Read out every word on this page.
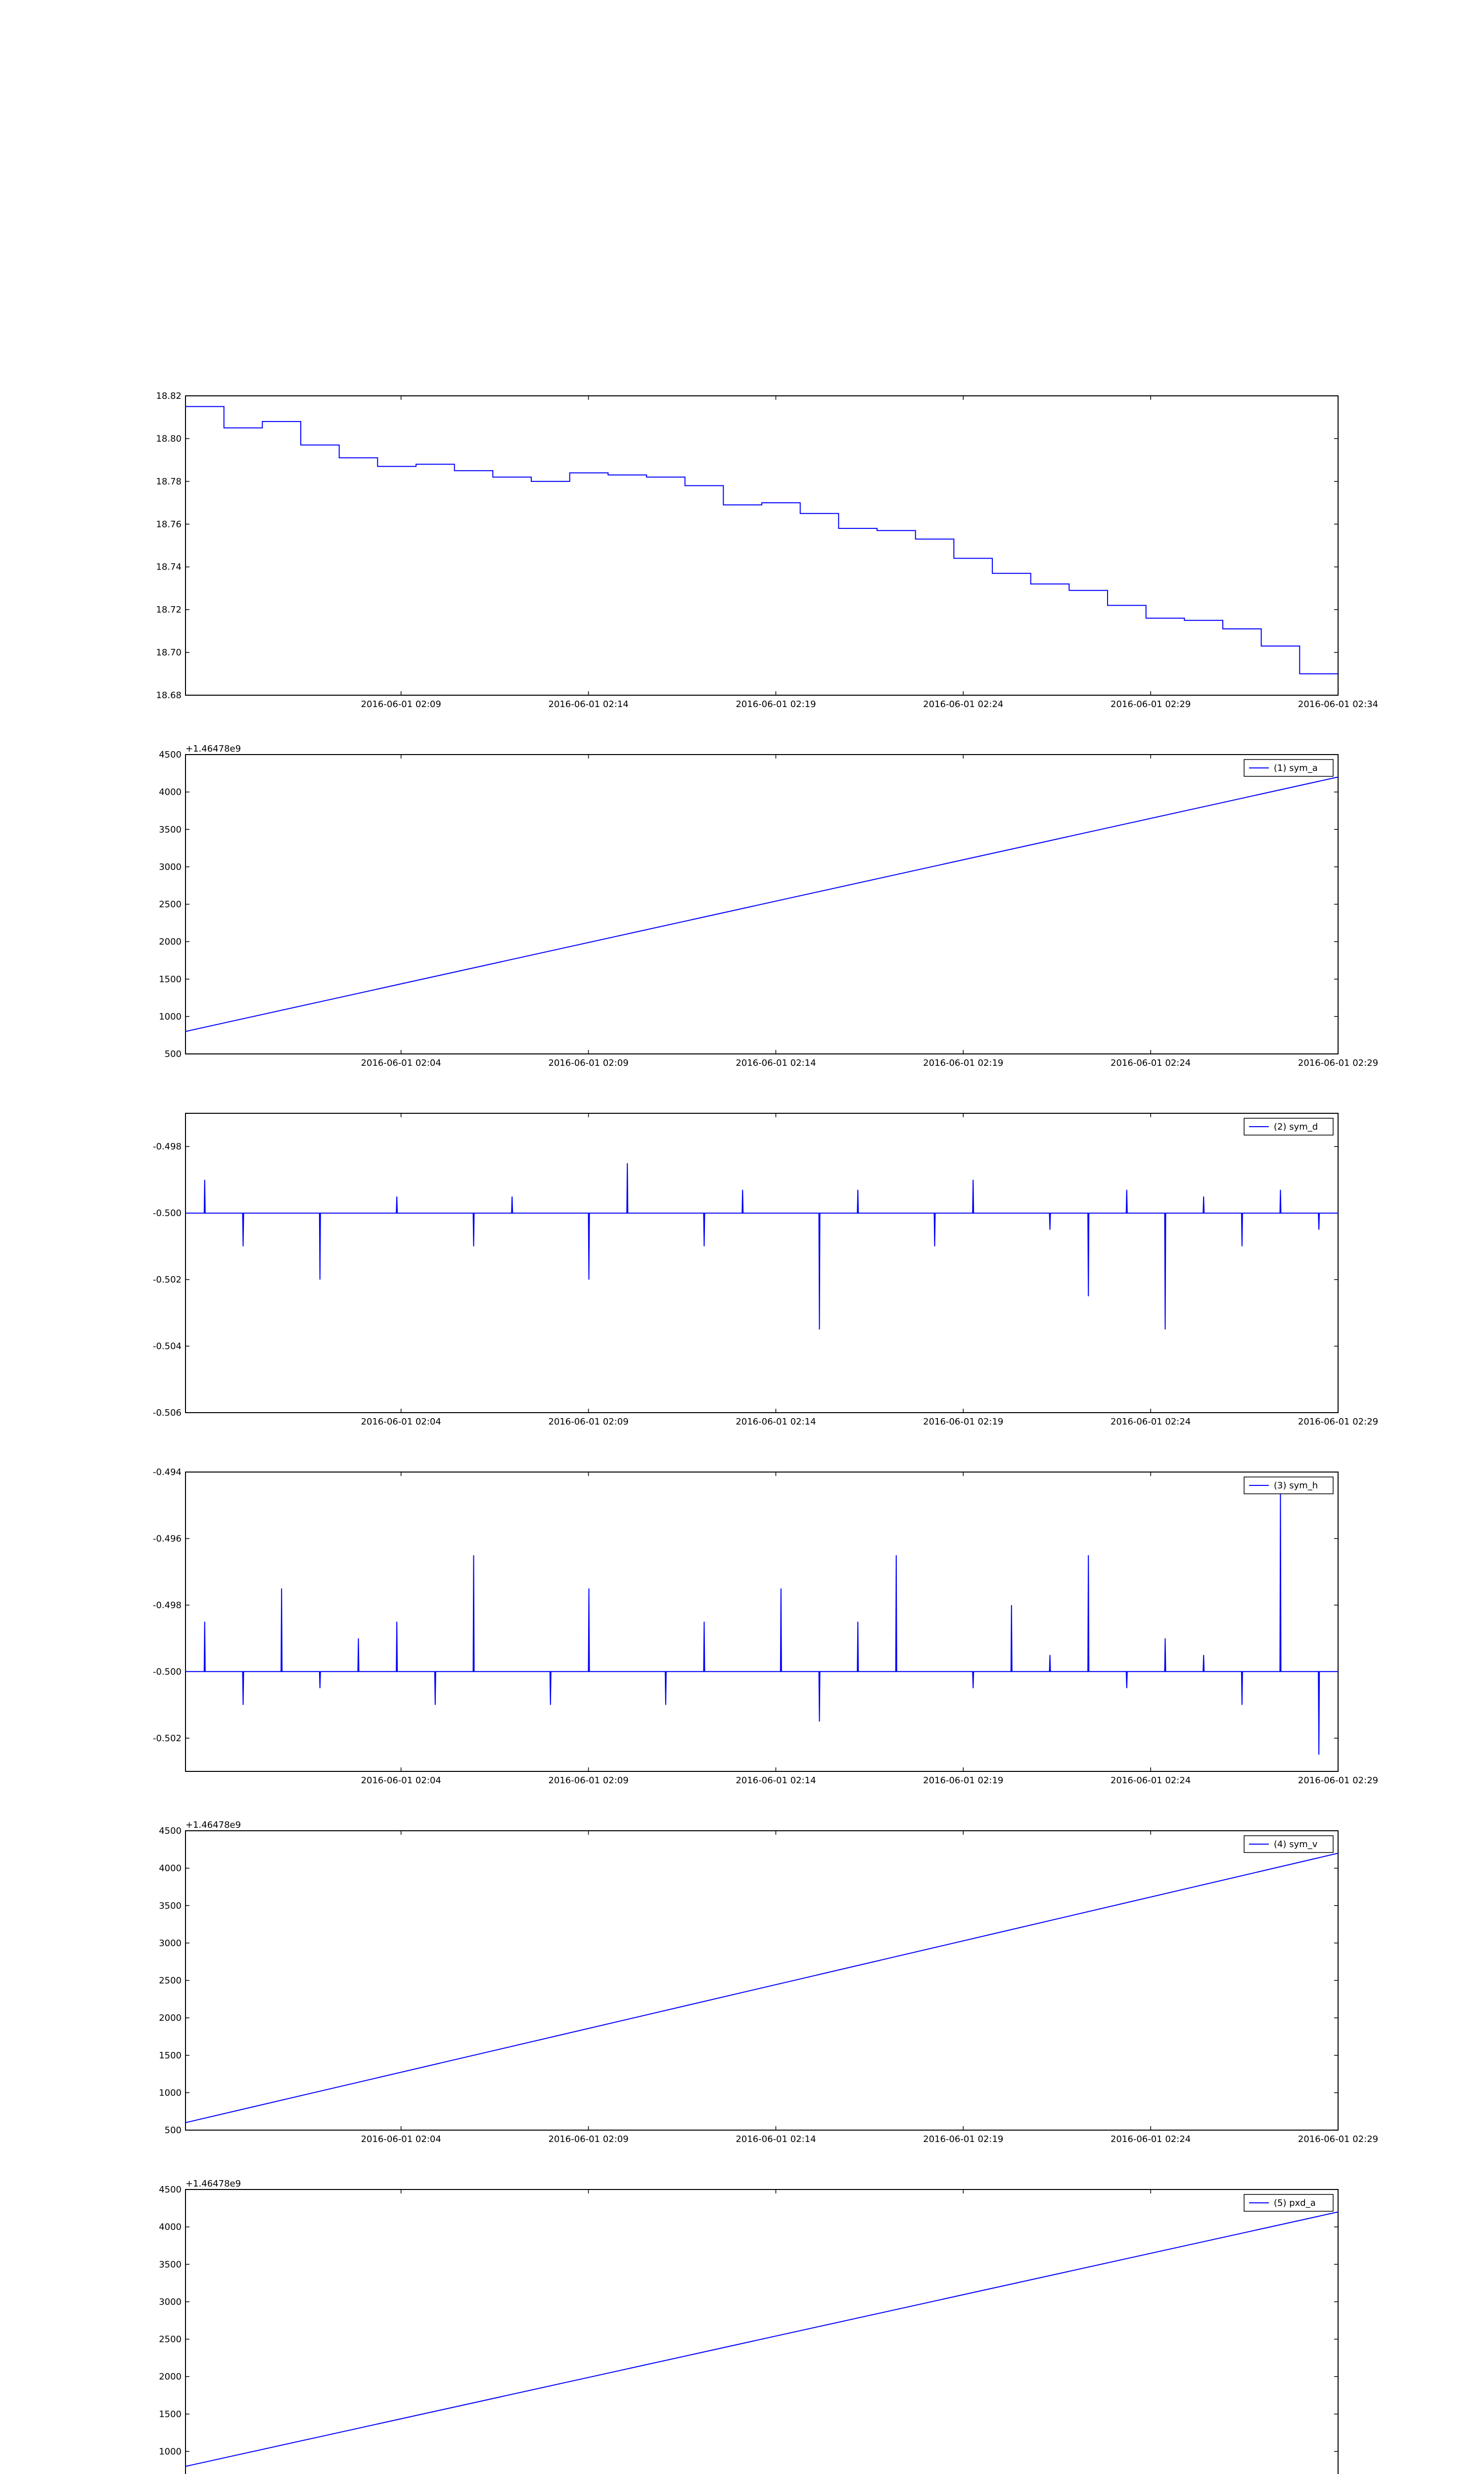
18.82
18.80
18.78
18.76
18.74
18.72
18.70
18.68
2016-06-01 02:09	2016-06-01 02:14	2016-06-01 02:19	2016-06-01 02:24	2016-06-01 02:29	2016-06-01 02:34
4500
4000
3500
3000
2500
2000
1500
1000
500
2016-06-01 02:04	2016-06-01 02:09	2016-06-01 02:14	2016-06-01 02:19	2016-06-01 02:24	2016-06-01 02:29
+1.46478e9
(1) sym_a
-0.498
-0.500
-0.502
-0.504
-0.506
2016-06-01 02:04	2016-06-01 02:09	2016-06-01 02:14	2016-06-01 02:19	2016-06-01 02:24	2016-06-01 02:29
(2) sym_d
-0.494
-0.496
-0.498
-0.500
-0.502
2016-06-01 02:04	2016-06-01 02:09	2016-06-01 02:14	2016-06-01 02:19	2016-06-01 02:24	2016-06-01 02:29
(3) sym_h
4500
4000
3500
3000
2500
2000
1500
1000
500
2016-06-01 02:04	2016-06-01 02:09	2016-06-01 02:14	2016-06-01 02:19	2016-06-01 02:24	2016-06-01 02:29
+1.46478e9
(4) sym_v
4500
4000
3500
3000
2500
2000
1500
1000
+1.46478e9
(5) pxd_a
